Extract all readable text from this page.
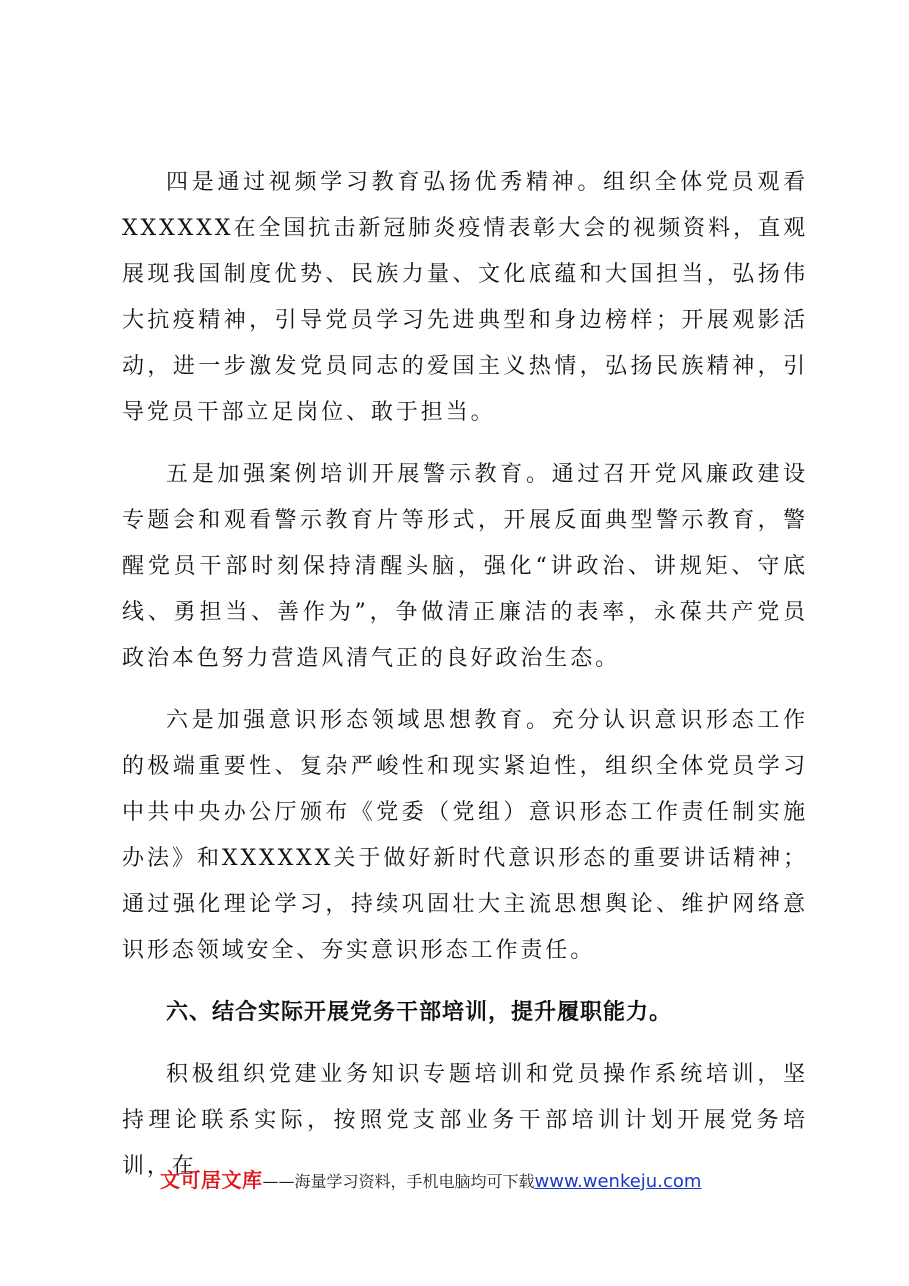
四是通过视频学习教育弘扬优秀精神。组织全体党员观看XXXXXX在全国抗击新冠肺炎疫情表彰大会的视频资料，直观展现我国制度优势、民族力量、文化底蕴和大国担当，弘扬伟大抗疫精神，引导党员学习先进典型和身边榜样；开展观影活动，进一步激发党员同志的爱国主义热情，弘扬民族精神，引导党员干部立足岗位、敢于担当。

五是加强案例培训开展警示教育。通过召开党风廉政建设专题会和观看警示教育片等形式，开展反面典型警示教育，警醒党员干部时刻保持清醒头脑，强化“讲政治、讲规矩、守底线、勇担当、善作为”，争做清正廉洁的表率，永葆共产党员政治本色努力营造风清气正的良好政治生态。

六是加强意识形态领域思想教育。充分认识意识形态工作的极端重要性、复杂严峻性和现实紧迫性，组织全体党员学习中共中央办公厅颁布《党委（党组）意识形态工作责任制实施办法》和XXXXXX关于做好新时代意识形态的重要讲话精神；通过强化理论学习，持续巩固壮大主流思想舆论、维护网络意识形态领域安全、夯实意识形态工作责任。

六、结合实际开展党务干部培训，提升履职能力。

积极组织党建业务知识专题培训和党员操作系统培训，坚持理论联系实际，按照党支部业务干部培训计划开展党务培训，在

文可居文库——海量学习资料，手机电脑均可下载www.wenkeju.com
